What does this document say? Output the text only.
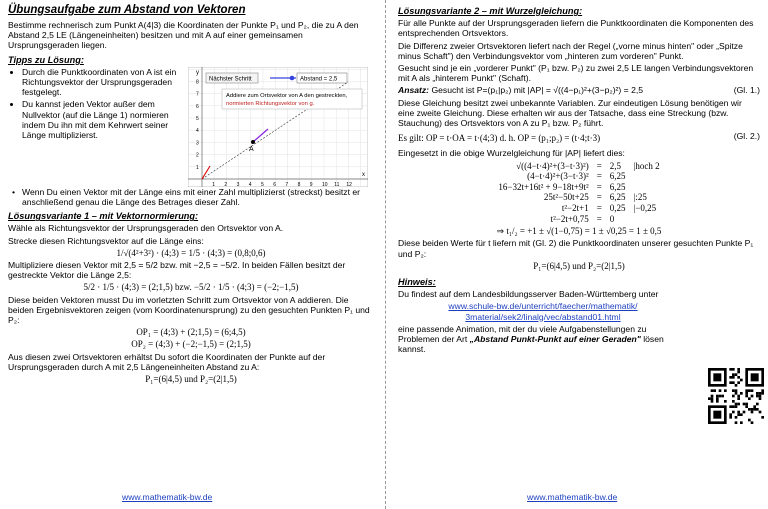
Übungsaufgabe zum Abstand von Vektoren

Bestimme rechnerisch zum Punkt A(4|3) die Koordinaten der Punkte P₁ und P₂, die zu A den Abstand 2,5 LE (Längeneinheiten) besitzen und mit A auf einer gemeinsamen Ursprungsgeraden liegen.

Tipps zu Lösung:
• Durch die Punktkoordinaten von A ist ein Richtungsvektor der Ursprungsgeraden festgelegt.
• Du kannst jeden Vektor außer dem Nullvektor (auf die Länge 1) normieren indem Du ihn mit dem Kehrwert seiner Länge multiplizierst.
A
Nächster Schritt	Abstand = 2,5
Addiere zum Ortsvektor von A den gestreckten,
normierten Richtungsvektor von g.
8
7
6
5
4
3
2
1
1 2 3 4 5 6 7 8 9 10 11 12
x
y

• Wenn Du einen Vektor mit der Länge eins mit einer Zahl multiplizierst (streckst) besitzt er anschließend genau die Länge des Betrages dieser Zahl.

Lösungsvariante 1 – mit Vektornormierung:

Wähle als Richtungsvektor der Ursprungsgeraden den Ortsvektor von A.

Strecke diesen Richtungsvektor auf die Länge eins:

1/√(4²+3²) · (4;3) = 1/5 · (4;3) = (0,8;0,6)

Multipliziere diesen Vektor mit 2,5 = 5/2 bzw. mit −2,5 = −5/2. In beiden Fällen besitzt der gestreckte Vektor die Länge 2,5:

5/2 · 1/5 · (4;3) = (2;1,5) bzw. −5/2 · 1/5 · (4;3) = (−2;−1,5)

Diese beiden Vektoren musst Du im vorletzten Schritt zum Ortsvektor von A addieren. Die beiden Ergebnisvektoren zeigen (vom Koordinatenursprung) zu den gesuchten Punkten P₁ und P₂:

OP₁ = (4;3) + (2;1,5) = (6;4,5)
OP₂ = (4;3) + (−2;−1,5) = (2;1,5)

Aus diesen zwei Ortsvektoren erhältst Du sofort die Koordinaten der Punkte auf der Ursprungsgeraden durch A mit 2,5 Längeneinheiten Abstand zu A:

P₁=(6|4,5) und P₂=(2|1,5)
www.mathematik-bw.de
Lösungsvariante 2 – mit Wurzelgleichung:

Für alle Punkte auf der Ursprungsgeraden liefern die Punktkoordinaten die Komponenten des entsprechenden Ortsvektors.

Die Differenz zweier Ortsvektoren liefert nach der Regel („vorne minus hinten" oder „Spitze minus Schaft") den Verbindungsvektor vom „hinteren zum vorderen" Punkt.

Gesucht sind je ein „vorderer Punkt" (P₁ bzw. P₂) zu zwei 2,5 LE langen Verbindungsvektoren mit A als „hinterem Punkt" (Schaft).

Ansatz: Gesucht ist P=(p₁|p₂) mit |AP| = √((4−p₁)²+(3−p₂)²) = 2,5	(Gl. 1.)

Diese Gleichung besitzt zwei unbekannte Variablen. Zur eindeutigen Lösung benötigen wir eine zweite Gleichung. Diese erhalten wir aus der Tatsache, dass eine Streckung (bzw. Stauchung) des Ortsvektors von A zu P₁ bzw. P₂ führt.

Es gilt: OP = t·OA = t·(4;3) d. h. OP = (p₁;p₂) = (t·4;t·3)	(Gl. 2.)

Eingesetzt in die obige Wurzelgleichung für |AP| liefert dies:

√((4−t·4)²+(3−t·3)²)	=	2,5	|hoch 2
(4−t·4)²+(3−t·3)²	=	6,25	
16−32t+16t² + 9−18t+9t²	=	6,25	
25t²−50t+25	=	6,25	|:25
t²−2t+1	=	0,25	|−0,25
t²−2t+0,75	=	0	
⇒ t₁/₂ = +1 ± √(1−0,75) = 1 ± √0,25 = 1 ± 0,5

Diese beiden Werte für t liefern mit (Gl. 2) die Punktkoordinaten unserer gesuchten Punkte P₁ und P₂:

P₁=(6|4,5) und P₂=(2|1,5)
Hinweis:

Du findest auf dem Landesbildungsserver Baden-Württemberg unter

www.schule-bw.de/unterricht/faecher/mathematik/

3material/sek2/linalg/vec/abstand01.html

eine passende Animation, mit der du viele Aufgabenstellungen zu Problemen der Art „Abstand Punkt-Punkt auf einer Geraden" lösen kannst.

www.mathematik-bw.de
